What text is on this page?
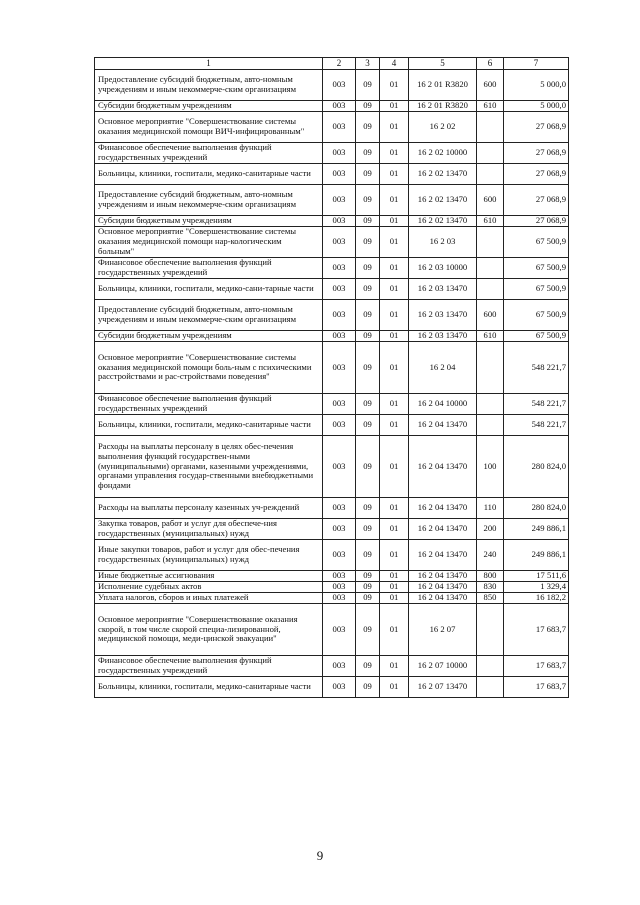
1	2	3	4	5	6	7
Предоставление субсидий бюджетным, авто-номным учреждениям и иным некоммерче-ским организациям	003	09	01	16 2 01 R3820	600	5 000,0
Субсидии бюджетным учреждениям	003	09	01	16 2 01 R3820	610	5 000,0
Основное мероприятие "Совершенствование системы оказания медицинской помощи ВИЧ-инфицированным"	003	09	01	16 2 02		27 068,9
Финансовое обеспечение выполнения функций государственных учреждений	003	09	01	16 2 02 10000		27 068,9
Больницы, клиники, госпитали, медико-санитарные части	003	09	01	16 2 02 13470		27 068,9
Предоставление субсидий бюджетным, авто-номным учреждениям и иным некоммерче-ским организациям	003	09	01	16 2 02 13470	600	27 068,9
Субсидии бюджетным учреждениям	003	09	01	16 2 02 13470	610	27 068,9
Основное мероприятие "Совершенствование системы оказания медицинской помощи нар-кологическим больным"	003	09	01	16 2 03		67 500,9
Финансовое обеспечение выполнения функций государственных учреждений	003	09	01	16 2 03 10000		67 500,9
Больницы, клиники, госпитали, медико-сани-тарные части	003	09	01	16 2 03 13470		67 500,9
Предоставление субсидий бюджетным, авто-номным учреждениям и иным некоммерче-ским организациям	003	09	01	16 2 03 13470	600	67 500,9
Субсидии бюджетным учреждениям	003	09	01	16 2 03 13470	610	67 500,9
Основное мероприятие "Совершенствование системы оказания медицинской помощи боль-ным с психическими расстройствами и рас-стройствами поведения"	003	09	01	16 2 04		548 221,7
Финансовое обеспечение выполнения функций государственных учреждений	003	09	01	16 2 04 10000		548 221,7
Больницы, клиники, госпитали, медико-санитарные части	003	09	01	16 2 04 13470		548 221,7
Расходы на выплаты персоналу в целях обес-печения выполнения функций государствен-ными (муниципальными) органами, казенными учреждениями, органами управления государ-ственными внебюджетными фондами	003	09	01	16 2 04 13470	100	280 824,0
Расходы на выплаты персоналу казенных уч-реждений	003	09	01	16 2 04 13470	110	280 824,0
Закупка товаров, работ и услуг для обеспече-ния государственных (муниципальных) нужд	003	09	01	16 2 04 13470	200	249 886,1
Иные закупки товаров, работ и услуг для обес-печения государственных (муниципальных) нужд	003	09	01	16 2 04 13470	240	249 886,1
Иные бюджетные ассигнования	003	09	01	16 2 04 13470	800	17 511,6
Исполнение судебных актов	003	09	01	16 2 04 13470	830	1 329,4
Уплата налогов, сборов и иных платежей	003	09	01	16 2 04 13470	850	16 182,2
Основное мероприятие "Совершенствование оказания скорой, в том числе скорой специа-лизированной, медицинской помощи, меди-цинской эвакуации"	003	09	01	16 2 07		17 683,7
Финансовое обеспечение выполнения функций государственных учреждений	003	09	01	16 2 07 10000		17 683,7
Больницы, клиники, госпитали, медико-санитарные части	003	09	01	16 2 07 13470		17 683,7
9
